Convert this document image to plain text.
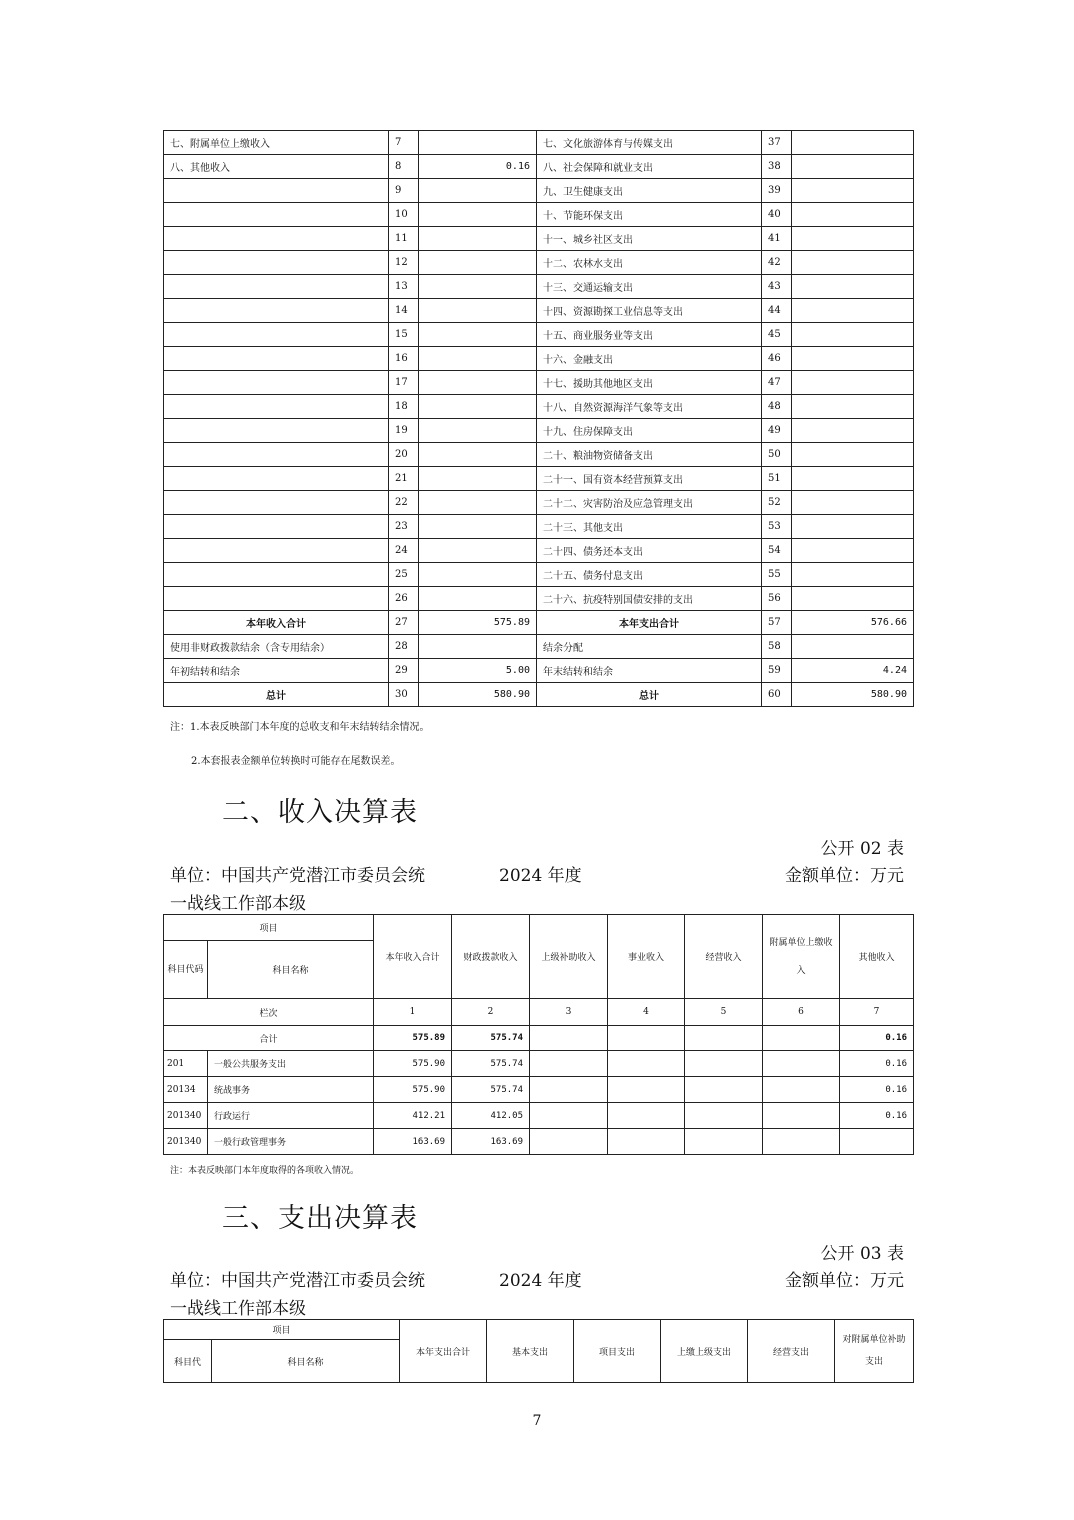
七、附属单位上缴收入	7		七、文化旅游体育与传媒支出	37	
八、其他收入	8	0.16	八、社会保障和就业支出	38	
	9		九、卫生健康支出	39	
	10		十、节能环保支出	40	
	11		十一、城乡社区支出	41	
	12		十二、农林水支出	42	
	13		十三、交通运输支出	43	
	14		十四、资源勘探工业信息等支出	44	
	15		十五、商业服务业等支出	45	
	16		十六、金融支出	46	
	17		十七、援助其他地区支出	47	
	18		十八、自然资源海洋气象等支出	48	
	19		十九、住房保障支出	49	
	20		二十、粮油物资储备支出	50	
	21		二十一、国有资本经营预算支出	51	
	22		二十二、灾害防治及应急管理支出	52	
	23		二十三、其他支出	53	
	24		二十四、债务还本支出	54	
	25		二十五、债务付息支出	55	
	26		二十六、抗疫特别国债安排的支出	56	
本年收入合计	27	575.89	本年支出合计	57	576.66
使用非财政拨款结余（含专用结余）	28		结余分配	58	
年初结转和结余	29	5.00	年末结转和结余	59	4.24
总计	30	580.90	总计	60	580.90
注：1.本表反映部门本年度的总收支和年末结转结余情况。
2.本套报表金额单位转换时可能存在尾数误差。
二、收入决算表
公开 02 表
单位：中国共产党潜江市委员会统	2024 年度	金额单位：万元
一战线工作部本级
项目		本年收入合计	财政拨款收入	上级补助收入	事业收入	经营收入	附属单位上缴收入	其他收入
科目代码	科目名称							
栏次		1	2	3	4	5	6	7
合计		575.89	575.74					0.16
201	一般公共服务支出	575.90	575.74					0.16
20134	统战事务	575.90	575.74					0.16
201340	行政运行	412.21	412.05					0.16
201340	一般行政管理事务	163.69	163.69					
注：本表反映部门本年度取得的各项收入情况。
三、支出决算表
公开 03 表
单位：中国共产党潜江市委员会统	2024 年度	金额单位：万元
一战线工作部本级
项目		本年支出合计	基本支出	项目支出	上缴上级支出	经营支出	对附属单位补助支出
科目代	科目名称						
7
